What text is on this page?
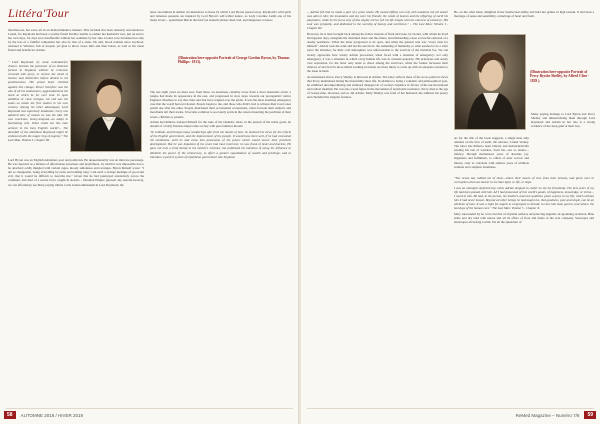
Littéra'Tour

mischievous, but saves all in an indiscriminative manner. This incident has been remotely surrounded to Lionel, for Raymond had been a worthy friend Perdita; unable to endure her husband's loss, just an end to her own days, for days now insufferable without her soulmate by her side. Lionel, now burdened not only by the loss of a faithful companion but also by that of a sister, his only blood relation since boyhood, returned to Windsor, full of despair, yet glad to know sweet Idris and their babes, as well as his truest friend and benefactor Adrian.

" Lord Raymond, by some unlooked-for chance, became the possessor of an immense fortune in England, whither he returned, crowned with glory, to receive the meed of honour and distinction before denied to his pennilessness. His proud heart rebelled against this change. Power therefore was the aim of all his endeavours; aggrandisement the mark at which he for ever shot. In open ambition or close intrigue, his end was the same—to attain the first station in his own country. Among his other advantages, Lord Raymond was supremely handsome; every one admired him; of women he was the idol. He was courteous, honey-tongued—an adept in fascinating arts. What could not this man achieve in the busy English world?... The downfall of the ambitious Raymond might be embraced with the magic ring of majesty." The Last Man, Volume I, Chapter III.

Lord Byron was an English nobleman, poet and politician. He unquestionably was an intricate personage. He was depicted as a mixture of affectionate sweetness and playfulness, by which it was impossible not to be attached; oddly mingled with variant rages, moody sullenness and revenges. Byron himself wrote: "I am so changeable, being everything by turns and nothing long. I am such a strange melange of good and evil, that it would be difficult to describe me." Given that he had journeyed extensively across the continent, and died of a severe fever caught in Aetolia – Ottoman Empire (present day Aetolia-Greece), we can effortlessly see Mary paying tribute to his ardent enthusiasm in Lord Raymond, the

latter succumbed in similar circumstances to those by which Lord Byron passed away. Raymond's wild spirit and tameless passions are inspired by Lord Byron's self-willed nature, as Lady Caroline Lamb one of his many lovers – epitomized him in the brief yet staunch phrase: mad, bad, and dangerous to know.

(Illustration here-opposite Portrait of George Gordon Byron, by Thomas Phillips- 1813).

The last eight years no more now from there: an enormous calamity arose from a most detestable event: a plague had made its appearance in the east, and progressed in slow steps towards our protagonists' native England. Needless to say that cities and fear have reigned over the globe. It was the most alarming emergency case that the world had ever hosted. People began to die, and those who didn't, had to witness their loved ones perish one after the other. People abandoned their accustomed occupations, rulers forsook their subjects and merchants left their trades. It became common to see lonely sprits in the streets mourning the perdition of their lovers, children or parents.

Adrian had hitherto isolated himself for the sake of his idealistic ideas, in the pursuit of his noble goals, he dreamt of a fairly flawless impeccable society with pure faultless morals:

"In solitude, and through many wanderings afar from the haunts of men, he matured his views for the reform of the English government, and the improvement of the people. It would have been well, if he had concealed his sentiments, until he had come into possession of the power which would secure their practical development. But he was impatient of the years that must intervene; he was frank of heart and fearless. He gave not only a brief denial to his mother's schemes, but published his intention of using his influence to diminish the power of the aristocracy, to effect a greater equalization of wealth and privilege, and to introduce a perfect system of republican government into England.

58	AUTOMNE 2018 / HIVER 2019

... Adrian felt that he made a part of a great whole. He owned affinity not only with mankind, but all nature was akin to him; the mountains and sky were his friends; the winds of heaven and the offspring of earth his playmates; while he the focus only of this mighty mirror, felt his life mingle with the universe of existence. His soul was sympathy, and dedicated to the worship of beauty and excellence." – The Last Man: Volume I - Chapter III.

However, he is later brought back among his fellow mortals of flesh and bone, by Lionel, with whom he lived his happiest days, alongside his cherished sister and the others, notwithstanding a near sorrowful outbreak of a deadly pestilence. When the latter progressed to its apex, and when the general rule was "every man for himself," Adrian took the reins and led the survivors: the remaining of humanity, to what seemed to be a safer place the altitudes; for their cold atmosphere was unfavourable to the survival of the invisible foe. We can clearly appreciate how wisely Adrian proceeded, when faced with a situation of emergency: not only emergency, it was a situation in which every human life was in constant jeopardy. His principles and surely over separation, for the latter only leads to chaos among the survivors, while the former increases their chances of survival far more minds working in unison are more likely to come up with an adequate solution to the issue in hand.

As mentioned above, Percy Shelley is mirrored in Adrian. The latter reflects most of the socio-political views that Percy maintained during his mournfully short life. In addition to being a romantic and philosophical poet, he exhibited uncompromising and stubborn disapproval of society's injustice in favour of his unconventional and radical idealism. He was also a lead figure in the movement of nonviolent resistance. Percy died at the age of twenty-nine, drowned, and so did Adrian. Mary Shelley was fond of her husband; she admired his poetry and cherished his singular features.

He, on the other hand, delighted in her intellectual ability and held her genius in high esteem. It had been a marriage of sense and sensibility, a marriage of heart and flesh.

(Illustration here-opposite Portrait of Percy Bysshe Shelley, by Alfred Clint - 1829 ).

Many paying homage to Lord Byron and Percy Shelley and immortalizing them through Lord Raymond and Adrian in her tale is a strong evidence of her deep grief at their loss.

As for the title of the book suggests, a single man only remains on the face of earth, the narrator, Lionel Verney. The latter has hitherto been bitterly and melancholically relating his tale of wonders, from his—not so tender—infancy, through momentous years of absolute joy, happiness and fulfilment, to others of utter sorrow and misery, only to conclude with endless years of ultimate solitude and complete loneliness.

"The ocean has robbed me of them—stolen their hearts of love from their breasts, and given over to corruption what was dearer to me than light, or life, or hope.

I was an untaught shepherd-boy, when Adrian deigned to confer on me his friendship. The best years of my life had been passed with him. All I had possessed of this world's goods, of happiness, knowledge, or virtue—I owed to him. He had, in his person, his intellect, and rare qualities, given a glory to my life, which without him it had never known. Beyond all other beings he had taught me, that goodness, pure and single, can be an attribute of man. It was a sight for angels to congregate to behold, to view him lead, govern, and solace, the last days of the human race." The Last Man: Volume 5 - Chapter X.

Mary surrounded by no voice but that of abysmal remorse and piercing anguish, an agonizing seclusion. Blue brine and dry land with nature and all its offers of flora and fauna as his sole company. Seascapes and landscapes all belong to him. Yet all the splendour of

ReMed Magazine – Numéro 7/8	59
